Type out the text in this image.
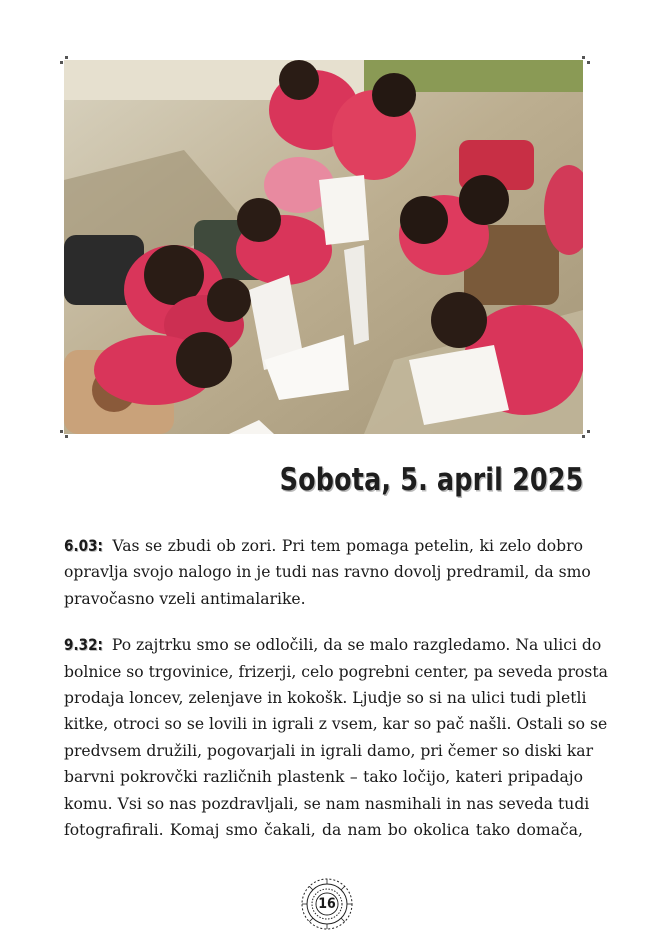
Sobota, 5. april 2025
6.03: Vas se zbudi ob zori. Pri tem pomaga petelin, ki zelo dobro
opravlja svojo nalogo in je tudi nas ravno dovolj predramil, da smo
pravočasno vzeli antimalarike.
9.32: Po zajtrku smo se odločili, da se malo razgledamo. Na ulici do
bolnice so trgovinice, frizerji, celo pogrebni center, pa seveda prosta
prodaja loncev, zelenjave in kokošk. Ljudje so si na ulici tudi pletli
kitke, otroci so se lovili in igrali z vsem, kar so pač našli. Ostali so se
predvsem družili, pogovarjali in igrali damo, pri čemer so diski kar
barvni pokrovčki različnih plastenk – tako ločijo, kateri pripadajo
komu. Vsi so nas pozdravljali, se nam nasmihali in nas seveda tudi
fotografirali. Komaj smo čakali, da nam bo okolica tako domača,
16
